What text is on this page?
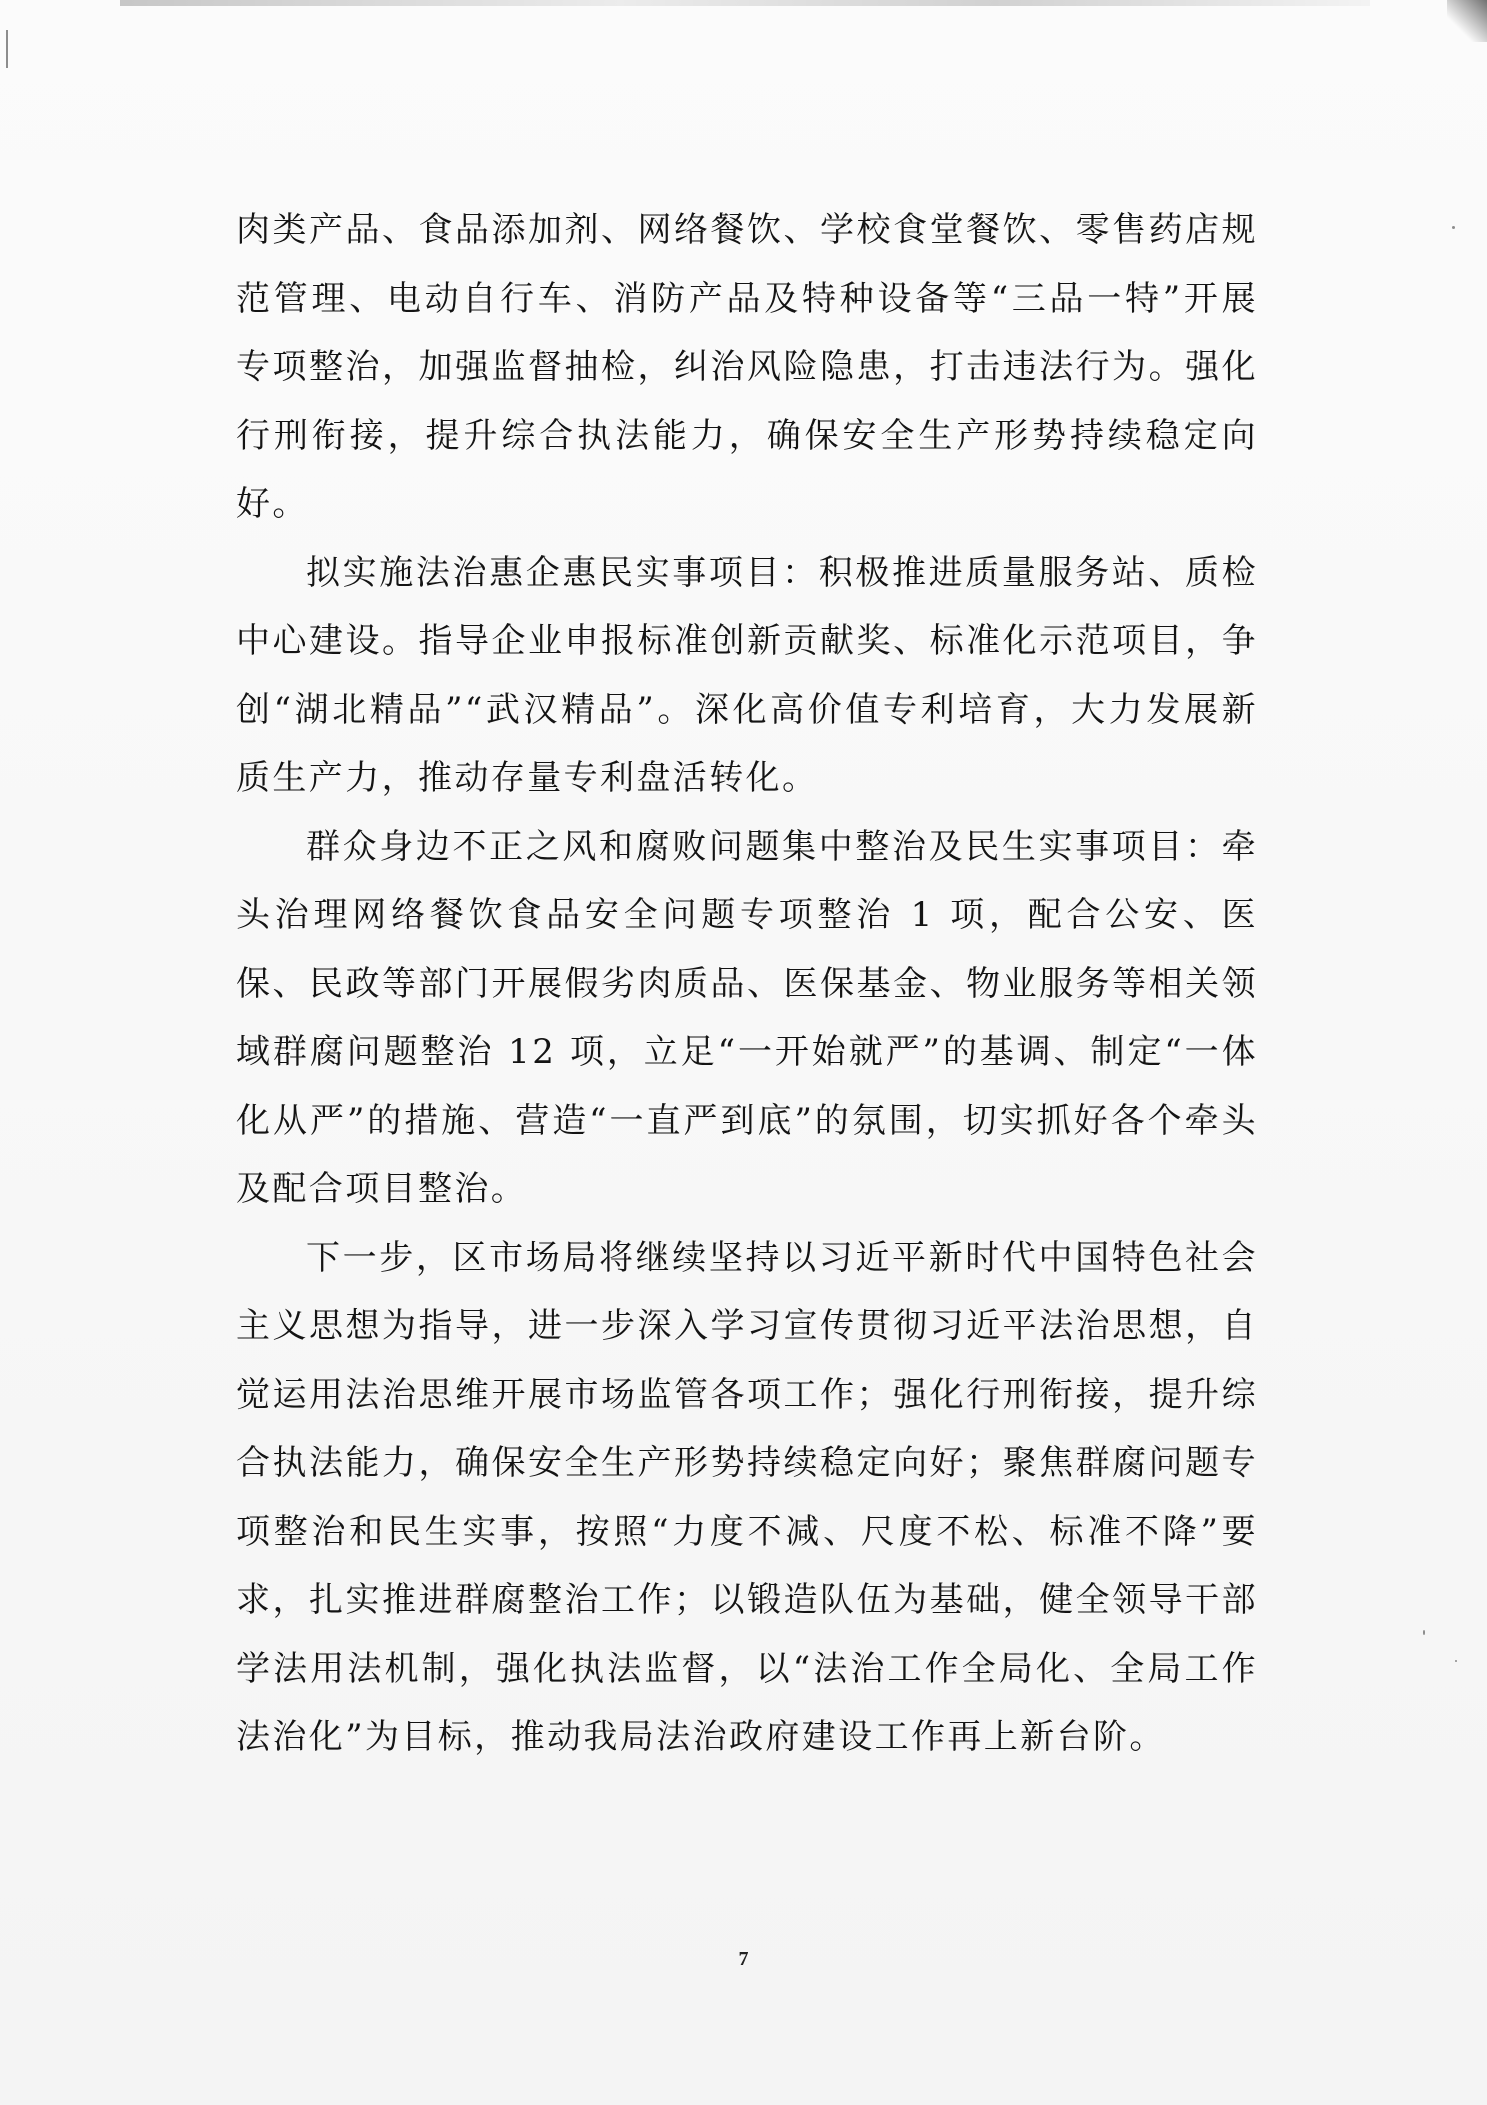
肉类产品、食品添加剂、网络餐饮、学校食堂餐饮、零售药店规范管理、电动自行车、消防产品及特种设备等“三品一特”开展专项整治，加强监督抽检，纠治风险隐患，打击违法行为。强化行刑衔接，提升综合执法能力，确保安全生产形势持续稳定向好。

拟实施法治惠企惠民实事项目：积极推进质量服务站、质检中心建设。指导企业申报标准创新贡献奖、标准化示范项目，争创“湖北精品”“武汉精品”。深化高价值专利培育，大力发展新质生产力，推动存量专利盘活转化。

群众身边不正之风和腐败问题集中整治及民生实事项目：牵头治理网络餐饮食品安全问题专项整治 1 项，配合公安、医保、民政等部门开展假劣肉质品、医保基金、物业服务等相关领域群腐问题整治 12 项，立足“一开始就严”的基调、制定“一体化从严”的措施、营造“一直严到底”的氛围，切实抓好各个牵头及配合项目整治。

下一步，区市场局将继续坚持以习近平新时代中国特色社会主义思想为指导，进一步深入学习宣传贯彻习近平法治思想，自觉运用法治思维开展市场监管各项工作；强化行刑衔接，提升综合执法能力，确保安全生产形势持续稳定向好；聚焦群腐问题专项整治和民生实事，按照“力度不减、尺度不松、标准不降”要求，扎实推进群腐整治工作；以锻造队伍为基础，健全领导干部学法用法机制，强化执法监督，以“法治工作全局化、全局工作法治化”为目标，推动我局法治政府建设工作再上新台阶。

7
